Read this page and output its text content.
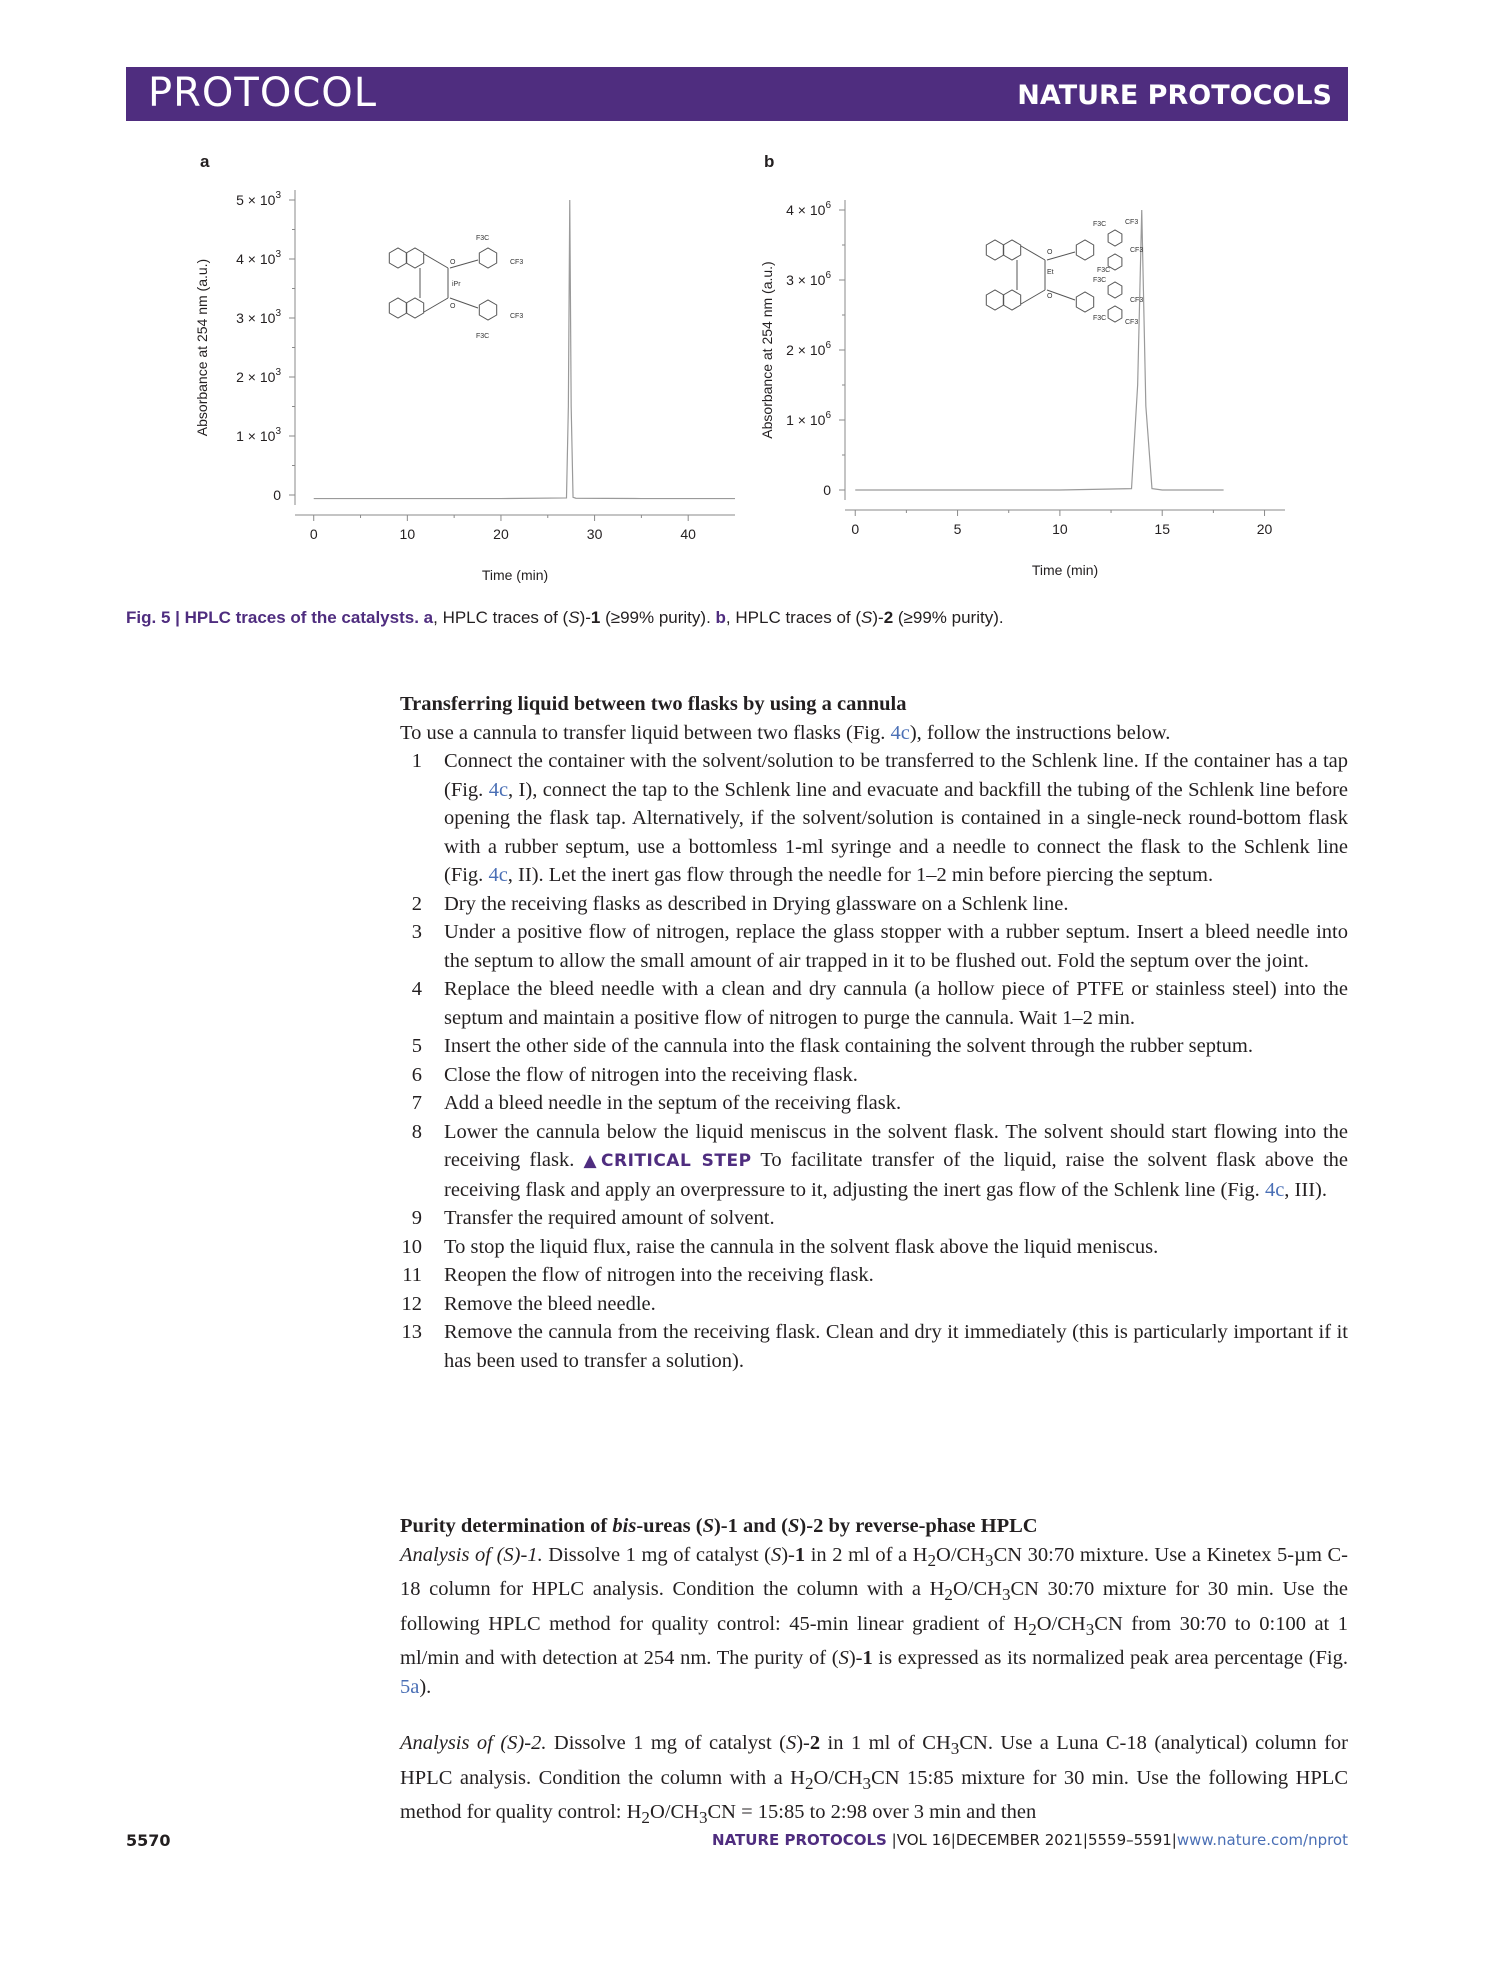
PROTOCOL	NATURE PROTOCOLS
a	b
0
$1 \times 10^3$
$2 \times 10^3$
$3 \times 10^3$
$4 \times 10^3$
$5 \times 10^3$
0	10	20	30	40
Time (min)
Absorbance at 254 nm (a.u.)
F3C
CF3
CF3
F3C
iPr
O
O
0
$1 \times 10^6$
$2 \times 10^6$
$3 \times 10^6$
$4 \times 10^6$
0	5	10	15	20
Time (min)
Absorbance at 254 nm (a.u.)
F3C	CF3
CF3
F3C
F3C
CF3
CF3
F3C
Et
O
O
Fig. 5 | HPLC traces of the catalysts. a, HPLC traces of (S)-1 (≥99% purity). b, HPLC traces of (S)-2 (≥99% purity).
Transferring liquid between two flasks by using a cannula
To use a cannula to transfer liquid between two flasks (Fig. 4c), follow the instructions below.
1 Connect the container with the solvent/solution to be transferred to the Schlenk line. If the container has a tap (Fig. 4c, I), connect the tap to the Schlenk line and evacuate and backfill the tubing of the Schlenk line before opening the flask tap. Alternatively, if the solvent/solution is contained in a single-neck round-bottom flask with a rubber septum, use a bottomless 1-ml syringe and a needle to connect the flask to the Schlenk line (Fig. 4c, II). Let the inert gas flow through the needle for 1–2 min before piercing the septum.
2 Dry the receiving flasks as described in Drying glassware on a Schlenk line.
3 Under a positive flow of nitrogen, replace the glass stopper with a rubber septum. Insert a bleed needle into the septum to allow the small amount of air trapped in it to be flushed out. Fold the septum over the joint.
4 Replace the bleed needle with a clean and dry cannula (a hollow piece of PTFE or stainless steel) into the septum and maintain a positive flow of nitrogen to purge the cannula. Wait 1–2 min.
5 Insert the other side of the cannula into the flask containing the solvent through the rubber septum.
6 Close the flow of nitrogen into the receiving flask.
7 Add a bleed needle in the septum of the receiving flask.
8 Lower the cannula below the liquid meniscus in the solvent flask. The solvent should start flowing into the receiving flask. ▲CRITICAL STEP To facilitate transfer of the liquid, raise the solvent flask above the receiving flask and apply an overpressure to it, adjusting the inert gas flow of the Schlenk line (Fig. 4c, III).
9 Transfer the required amount of solvent.
10 To stop the liquid flux, raise the cannula in the solvent flask above the liquid meniscus.
11 Reopen the flow of nitrogen into the receiving flask.
12 Remove the bleed needle.
13 Remove the cannula from the receiving flask. Clean and dry it immediately (this is particularly important if it has been used to transfer a solution).
Purity determination of bis-ureas (S)-1 and (S)-2 by reverse-phase HPLC
Analysis of (S)-1. Dissolve 1 mg of catalyst (S)-1 in 2 ml of a $H_2O/CH_3CN$ 30:70 mixture. Use a Kinetex 5-µm C-18 column for HPLC analysis. Condition the column with a $H_2O/CH_3CN$ 30:70 mixture for 30 min. Use the following HPLC method for quality control: 45-min linear gradient of $H_2O/CH_3CN$ from 30:70 to 0:100 at 1 ml/min and with detection at 254 nm. The purity of (S)-1 is expressed as its normalized peak area percentage (Fig. 5a).
Analysis of (S)-2. Dissolve 1 mg of catalyst (S)-2 in 1 ml of $CH_3CN$. Use a Luna C-18 (analytical) column for HPLC analysis. Condition the column with a $H_2O/CH_3CN$ 15:85 mixture for 30 min. Use the following HPLC method for quality control: $H_2O/CH_3CN$ = 15:85 to 2:98 over 3 min and then
5570	NATURE PROTOCOLS |VOL 16|DECEMBER 2021|5559–5591|www.nature.com/nprot
